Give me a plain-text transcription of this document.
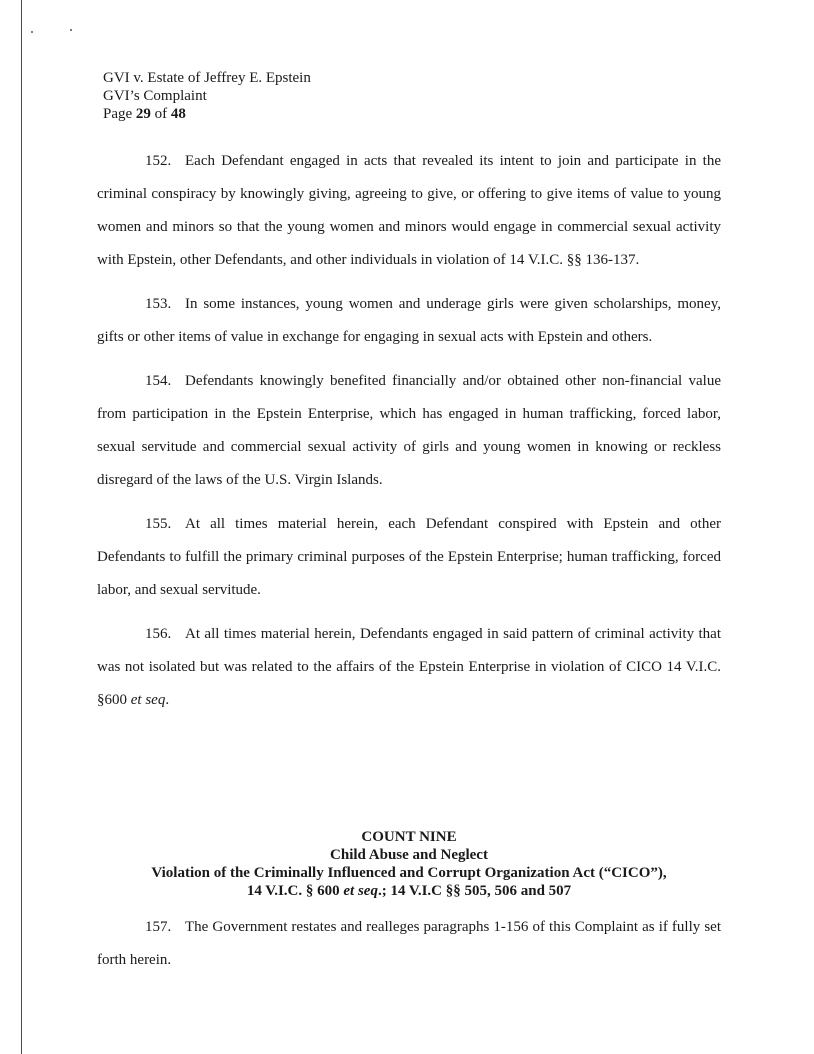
GVI v. Estate of Jeffrey E. Epstein
GVI’s Complaint
Page 29 of 48

152. Each Defendant engaged in acts that revealed its intent to join and participate in the criminal conspiracy by knowingly giving, agreeing to give, or offering to give items of value to young women and minors so that the young women and minors would engage in commercial sexual activity with Epstein, other Defendants, and other individuals in violation of 14 V.I.C. §§ 136-137.

153. In some instances, young women and underage girls were given scholarships, money, gifts or other items of value in exchange for engaging in sexual acts with Epstein and others.

154. Defendants knowingly benefited financially and/or obtained other non-financial value from participation in the Epstein Enterprise, which has engaged in human trafficking, forced labor, sexual servitude and commercial sexual activity of girls and young women in knowing or reckless disregard of the laws of the U.S. Virgin Islands.

155. At all times material herein, each Defendant conspired with Epstein and other Defendants to fulfill the primary criminal purposes of the Epstein Enterprise; human trafficking, forced labor, and sexual servitude.

156. At all times material herein, Defendants engaged in said pattern of criminal activity that was not isolated but was related to the affairs of the Epstein Enterprise in violation of CICO 14 V.I.C. §600 et seq.

COUNT NINE
Child Abuse and Neglect
Violation of the Criminally Influenced and Corrupt Organization Act (“CICO”),
14 V.I.C. § 600 et seq.; 14 V.I.C §§ 505, 506 and 507

157. The Government restates and realleges paragraphs 1-156 of this Complaint as if fully set forth herein.
